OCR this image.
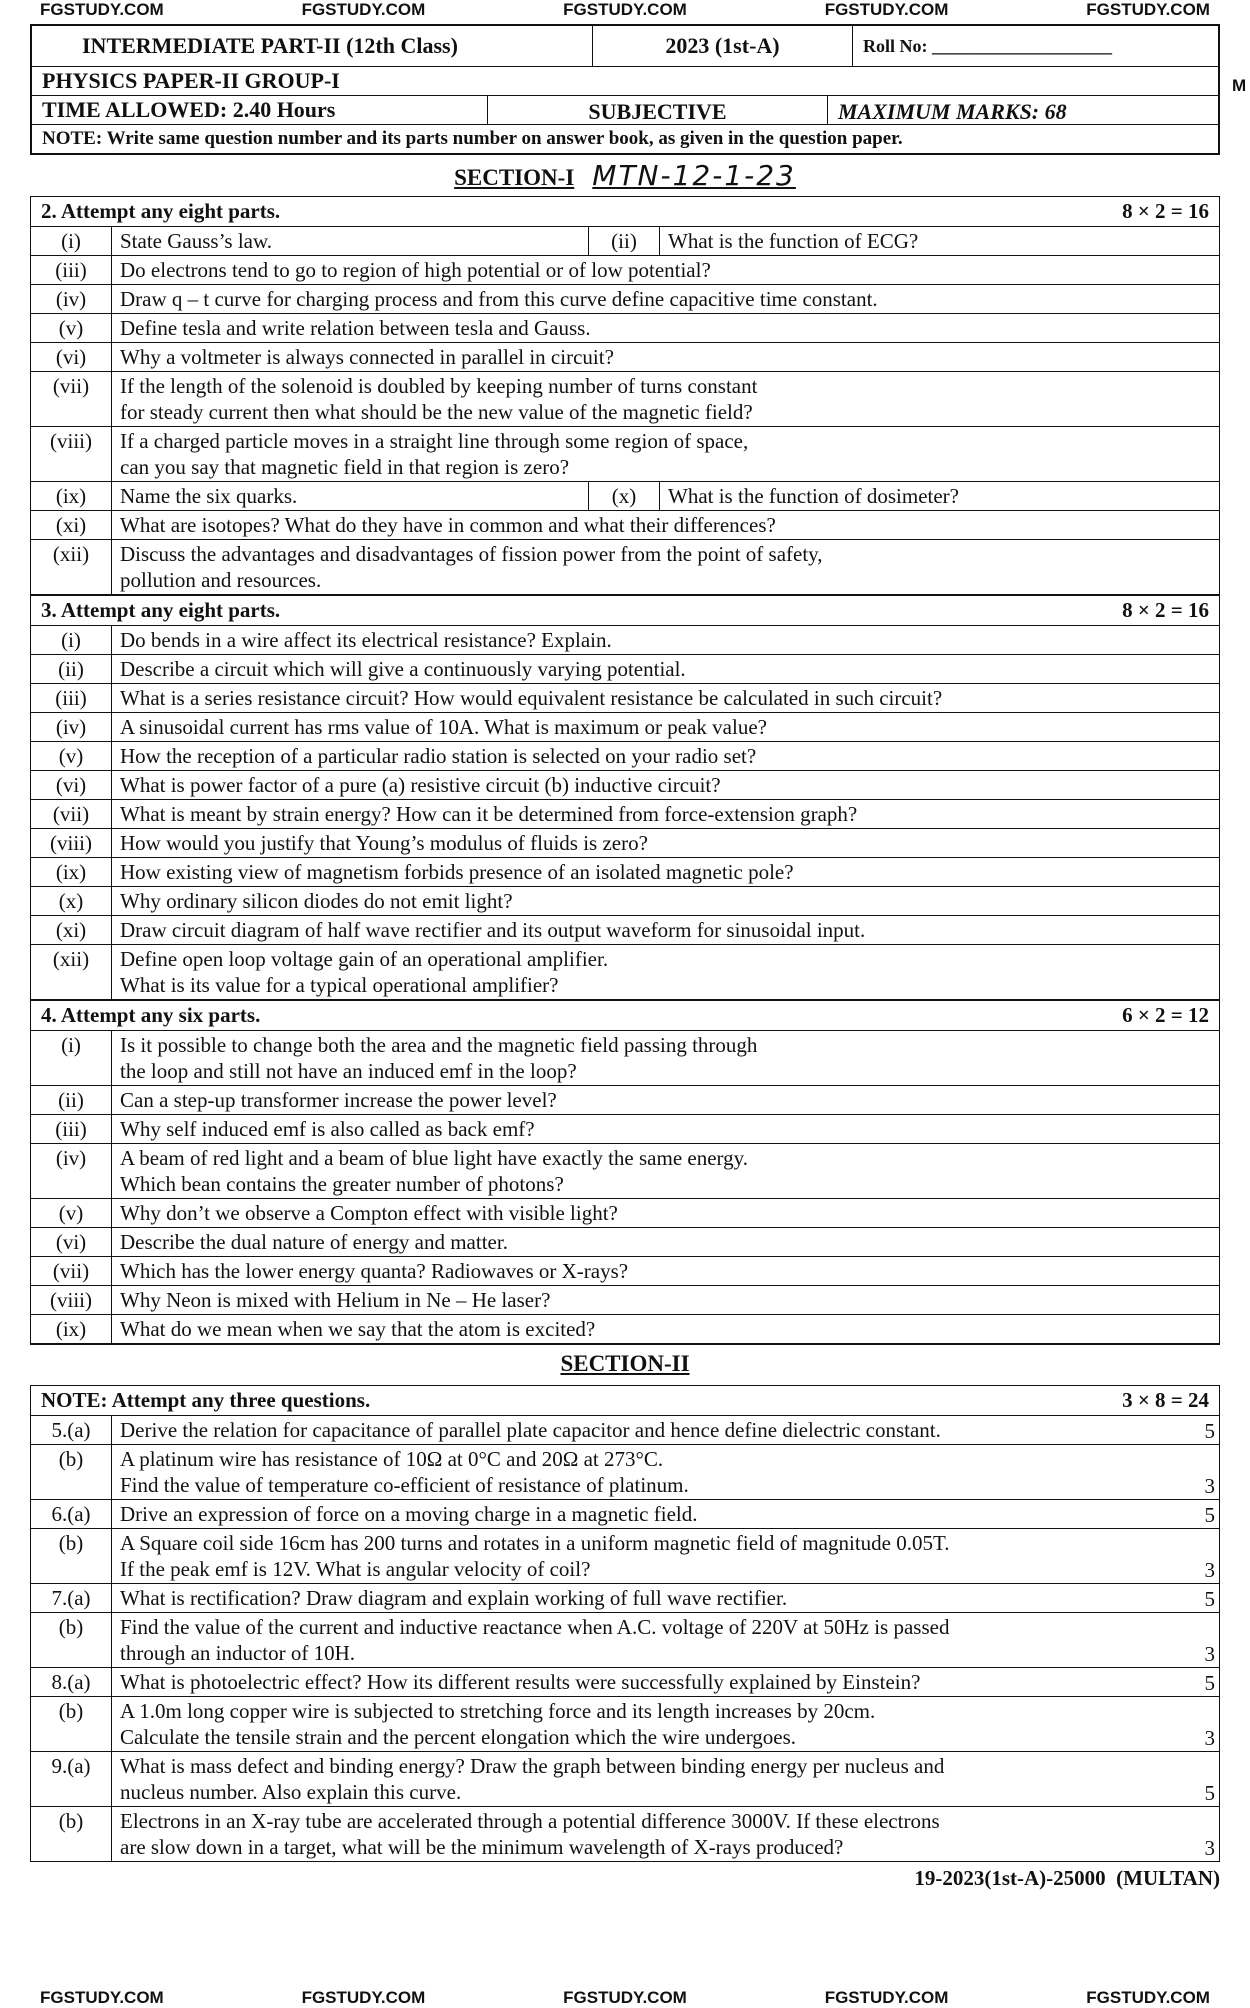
FGSTUDY.COM	FGSTUDY.COM	FGSTUDY.COM	FGSTUDY.COM	FGSTUDY.COM
M
INTERMEDIATE PART-II (12th Class)	2023 (1st-A)	Roll No: ____________________
PHYSICS PAPER-II GROUP-I
TIME ALLOWED: 2.40 Hours	SUBJECTIVE	MAXIMUM MARKS: 68
NOTE: Write same question number and its parts number on answer book, as given in the question paper.
SECTION-I MTN-12-1-23
2. Attempt any eight parts.	8 × 2 = 16
(i)	State Gauss’s law.	(ii)	What is the function of ECG?
(iii)	Do electrons tend to go to region of high potential or of low potential?
(iv)	Draw q – t curve for charging process and from this curve define capacitive time constant.
(v)	Define tesla and write relation between tesla and Gauss.
(vi)	Why a voltmeter is always connected in parallel in circuit?
(vii)	If the length of the solenoid is doubled by keeping number of turns constant
for steady current then what should be the new value of the magnetic field?
(viii)	If a charged particle moves in a straight line through some region of space,
can you say that magnetic field in that region is zero?
(ix)	Name the six quarks.	(x)	What is the function of dosimeter?
(xi)	What are isotopes? What do they have in common and what their differences?
(xii)	Discuss the advantages and disadvantages of fission power from the point of safety,
pollution and resources.
3. Attempt any eight parts.	8 × 2 = 16
(i)	Do bends in a wire affect its electrical resistance? Explain.
(ii)	Describe a circuit which will give a continuously varying potential.
(iii)	What is a series resistance circuit? How would equivalent resistance be calculated in such circuit?
(iv)	A sinusoidal current has rms value of 10A. What is maximum or peak value?
(v)	How the reception of a particular radio station is selected on your radio set?
(vi)	What is power factor of a pure (a) resistive circuit (b) inductive circuit?
(vii)	What is meant by strain energy? How can it be determined from force-extension graph?
(viii)	How would you justify that Young’s modulus of fluids is zero?
(ix)	How existing view of magnetism forbids presence of an isolated magnetic pole?
(x)	Why ordinary silicon diodes do not emit light?
(xi)	Draw circuit diagram of half wave rectifier and its output waveform for sinusoidal input.
(xii)	Define open loop voltage gain of an operational amplifier.
What is its value for a typical operational amplifier?
4. Attempt any six parts.	6 × 2 = 12
(i)	Is it possible to change both the area and the magnetic field passing through
the loop and still not have an induced emf in the loop?
(ii)	Can a step-up transformer increase the power level?
(iii)	Why self induced emf is also called as back emf?
(iv)	A beam of red light and a beam of blue light have exactly the same energy.
Which bean contains the greater number of photons?
(v)	Why don’t we observe a Compton effect with visible light?
(vi)	Describe the dual nature of energy and matter.
(vii)	Which has the lower energy quanta? Radiowaves or X-rays?
(viii)	Why Neon is mixed with Helium in Ne – He laser?
(ix)	What do we mean when we say that the atom is excited?
SECTION-II
NOTE: Attempt any three questions.	3 × 8 = 24
5.(a)	Derive the relation for capacitance of parallel plate capacitor and hence define dielectric constant.	5
(b)	A platinum wire has resistance of 10Ω at 0°C and 20Ω at 273°C.
Find the value of temperature co-efficient of resistance of platinum.	3
6.(a)	Drive an expression of force on a moving charge in a magnetic field.	5
(b)	A Square coil side 16cm has 200 turns and rotates in a uniform magnetic field of magnitude 0.05T.
If the peak emf is 12V. What is angular velocity of coil?	3
7.(a)	What is rectification? Draw diagram and explain working of full wave rectifier.	5
(b)	Find the value of the current and inductive reactance when A.C. voltage of 220V at 50Hz is passed
through an inductor of 10H.	3
8.(a)	What is photoelectric effect? How its different results were successfully explained by Einstein?	5
(b)	A 1.0m long copper wire is subjected to stretching force and its length increases by 20cm.
Calculate the tensile strain and the percent elongation which the wire undergoes.	3
9.(a)	What is mass defect and binding energy? Draw the graph between binding energy per nucleus and
nucleus number. Also explain this curve.	5
(b)	Electrons in an X-ray tube are accelerated through a potential difference 3000V. If these electrons
are slow down in a target, what will be the minimum wavelength of X-rays produced?	3
19-2023(1st-A)-25000 (MULTAN)
FGSTUDY.COM	FGSTUDY.COM	FGSTUDY.COM	FGSTUDY.COM	FGSTUDY.COM
